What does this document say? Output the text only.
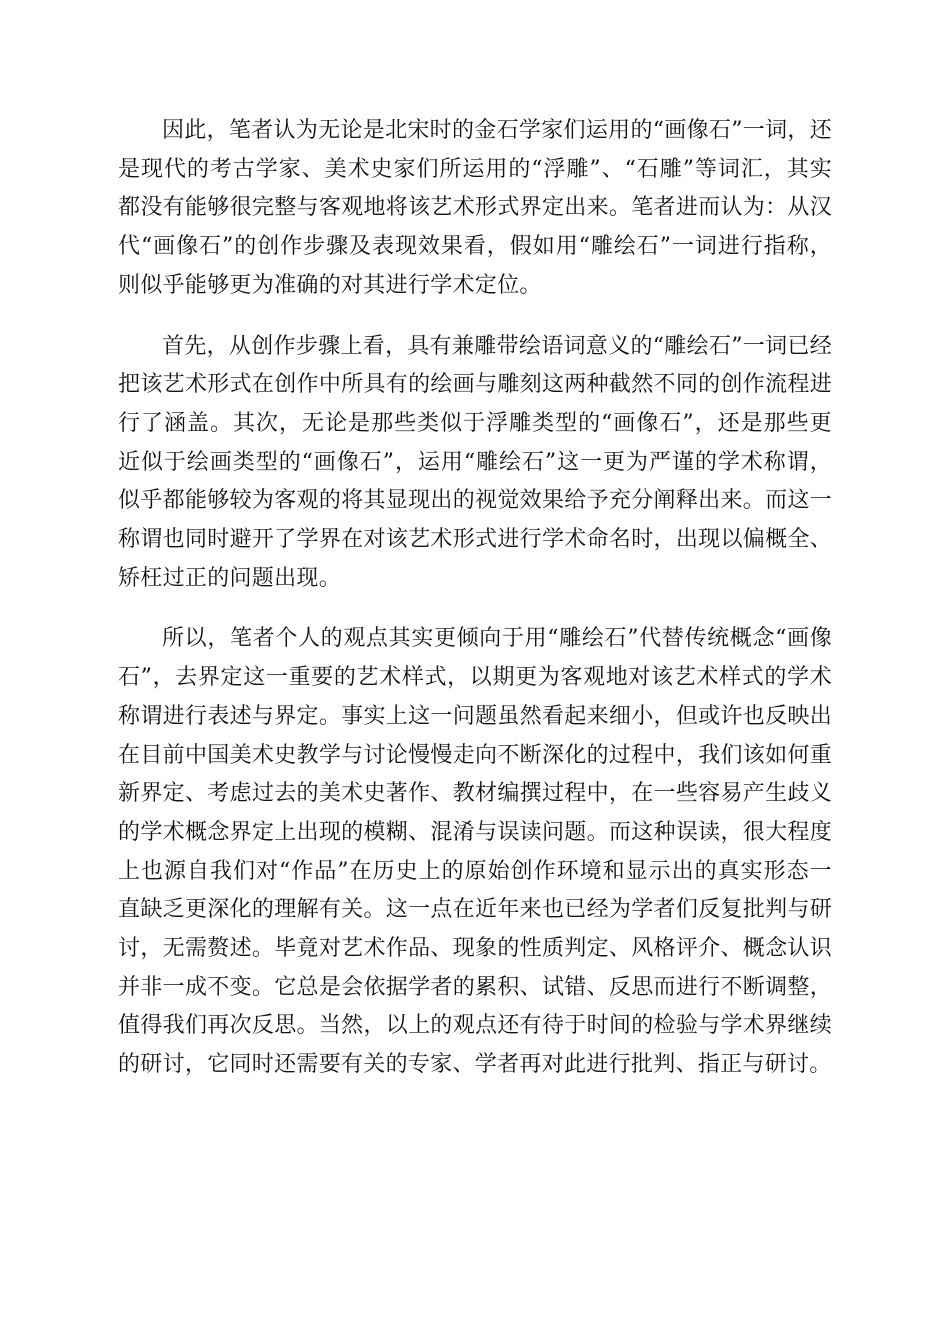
因此，笔者认为无论是北宋时的金石学家们运用的“画像石”一词，还是现代的考古学家、美术史家们所运用的“浮雕”、“石雕”等词汇，其实都没有能够很完整与客观地将该艺术形式界定出来。笔者进而认为：从汉代“画像石”的创作步骤及表现效果看，假如用“雕绘石”一词进行指称，则似乎能够更为准确的对其进行学术定位。

首先，从创作步骤上看，具有兼雕带绘语词意义的“雕绘石”一词已经把该艺术形式在创作中所具有的绘画与雕刻这两种截然不同的创作流程进行了涵盖。其次，无论是那些类似于浮雕类型的“画像石”，还是那些更近似于绘画类型的“画像石”，运用“雕绘石”这一更为严谨的学术称谓，似乎都能够较为客观的将其显现出的视觉效果给予充分阐释出来。而这一称谓也同时避开了学界在对该艺术形式进行学术命名时，出现以偏概全、矫枉过正的问题出现。

所以，笔者个人的观点其实更倾向于用“雕绘石”代替传统概念“画像石”，去界定这一重要的艺术样式，以期更为客观地对该艺术样式的学术称谓进行表述与界定。事实上这一问题虽然看起来细小，但或许也反映出在目前中国美术史教学与讨论慢慢走向不断深化的过程中，我们该如何重新界定、考虑过去的美术史著作、教材编撰过程中，在一些容易产生歧义的学术概念界定上出现的模糊、混淆与误读问题。而这种误读，很大程度上也源自我们对“作品”在历史上的原始创作环境和显示出的真实形态一直缺乏更深化的理解有关。这一点在近年来也已经为学者们反复批判与研讨，无需赘述。毕竟对艺术作品、现象的性质判定、风格评介、概念认识并非一成不变。它总是会依据学者的累积、试错、反思而进行不断调整，值得我们再次反思。当然，以上的观点还有待于时间的检验与学术界继续的研讨，它同时还需要有关的专家、学者再对此进行批判、指正与研讨。
